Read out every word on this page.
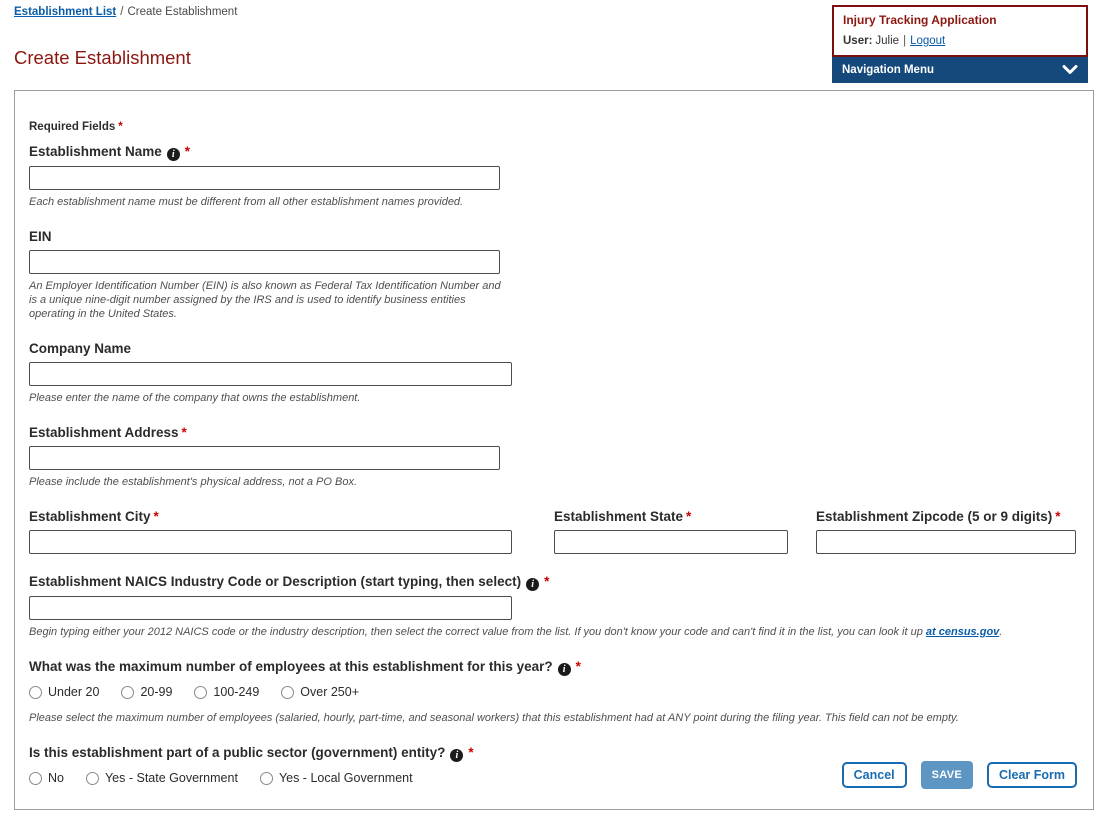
Establishment List / Create Establishment
Injury Tracking Application
User: Julie | Logout
Navigation Menu
Create Establishment
Required Fields *
Establishment Name i *
Each establishment name must be different from all other establishment names provided.
EIN
An Employer Identification Number (EIN) is also known as Federal Tax Identification Number and is a unique nine-digit number assigned by the IRS and is used to identify business entities operating in the United States.
Company Name
Please enter the name of the company that owns the establishment.
Establishment Address *
Please include the establishment's physical address, not a PO Box.
Establishment City *	Establishment State *	Establishment Zipcode (5 or 9 digits) *
Establishment NAICS Industry Code or Description (start typing, then select) i *
Begin typing either your 2012 NAICS code or the industry description, then select the correct value from the list. If you don't know your code and can't find it in the list, you can look it up at census.gov.
What was the maximum number of employees at this establishment for this year? i *
Under 20	20-99	100-249	Over 250+
Please select the maximum number of employees (salaried, hourly, part-time, and seasonal workers) that this establishment had at ANY point during the filing year. This field can not be empty.
Is this establishment part of a public sector (government) entity? i *
No	Yes - State Government	Yes - Local Government	Cancel	SAVE	Clear Form
